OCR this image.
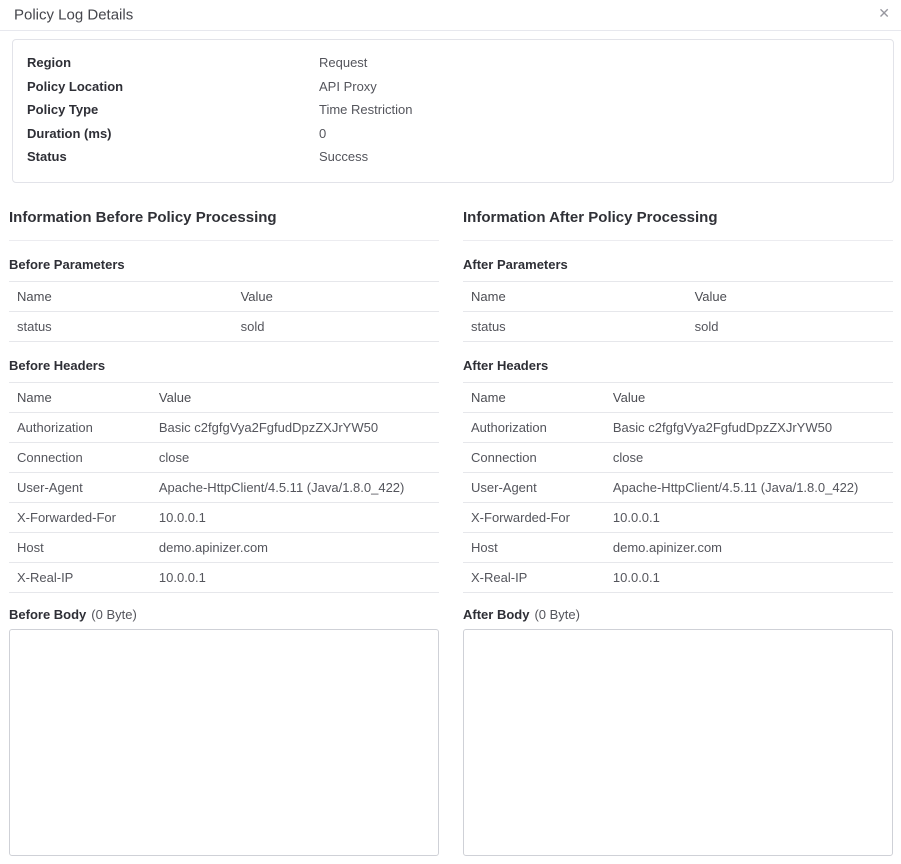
Policy Log Details	✕
Region	Request
Policy Location	API Proxy
Policy Type	Time Restriction
Duration (ms)	0
Status	Success
Information Before Policy Processing
Before Parameters
Name	Value
status	sold
Before Headers
Name	Value
Authorization	Basic c2fgfgVya2FgfudDpzZXJrYW50
Connection	close
User-Agent	Apache-HttpClient/4.5.11 (Java/1.8.0_422)
X-Forwarded-For	10.0.0.1
Host	demo.apinizer.com
X-Real-IP	10.0.0.1
Before Body (0 Byte)
Information After Policy Processing
After Parameters
Name	Value
status	sold
After Headers
Name	Value
Authorization	Basic c2fgfgVya2FgfudDpzZXJrYW50
Connection	close
User-Agent	Apache-HttpClient/4.5.11 (Java/1.8.0_422)
X-Forwarded-For	10.0.0.1
Host	demo.apinizer.com
X-Real-IP	10.0.0.1
After Body (0 Byte)
